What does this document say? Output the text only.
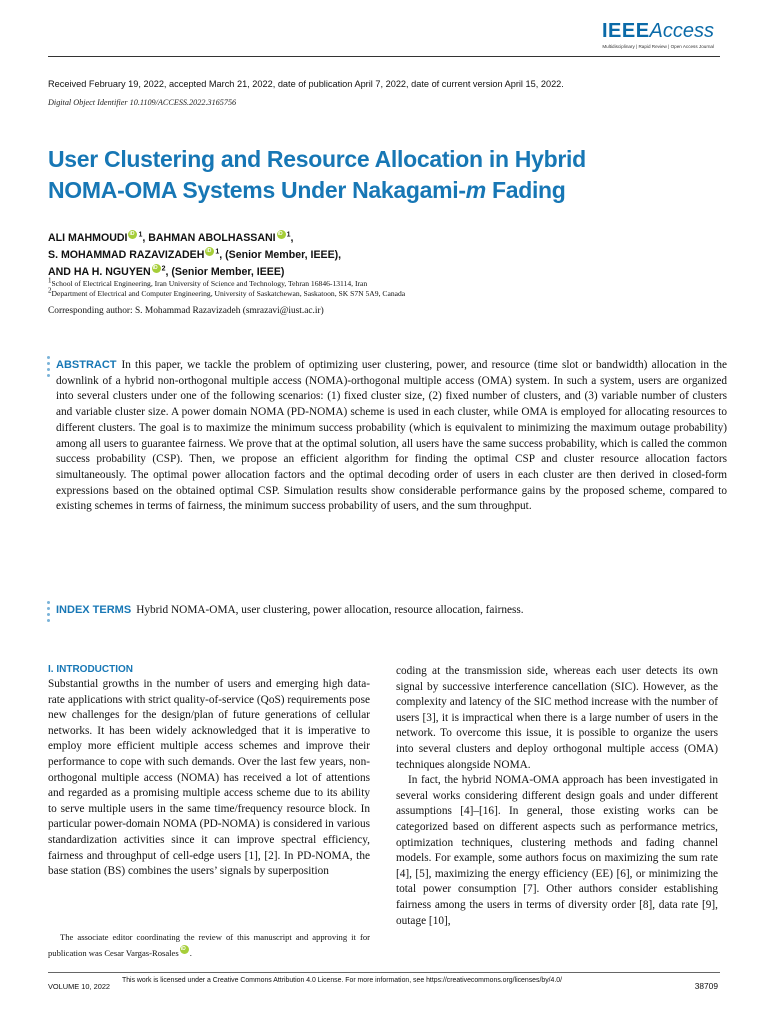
IEEEAccess
Multidisciplinary | Rapid Review | Open Access Journal
Received February 19, 2022, accepted March 21, 2022, date of publication April 7, 2022, date of current version April 15, 2022.
Digital Object Identifier 10.1109/ACCESS.2022.3165756
User Clustering and Resource Allocation in Hybrid
NOMA-OMA Systems Under Nakagami-m Fading
ALI MAHMOUDI iD $^1$, BAHMAN ABOLHASSANI iD $^1$,
S. MOHAMMAD RAZAVIZADEH iD $^1$, (Senior Member, IEEE),
AND HA H. NGUYEN iD $^2$, (Senior Member, IEEE)
$^1$School of Electrical Engineering, Iran University of Science and Technology, Tehran 16846-13114, Iran
$^2$Department of Electrical and Computer Engineering, University of Saskatchewan, Saskatoon, SK S7N 5A9, Canada
Corresponding author: S. Mohammad Razavizadeh (smrazavi@iust.ac.ir)
ABSTRACT In this paper, we tackle the problem of optimizing user clustering, power, and resource (time slot or bandwidth) allocation in the downlink of a hybrid non-orthogonal multiple access (NOMA)-orthogonal multiple access (OMA) system. In such a system, users are organized into several clusters under one of the following scenarios: (1) fixed cluster size, (2) fixed number of clusters, and (3) variable number of clusters and variable cluster size. A power domain NOMA (PD-NOMA) scheme is used in each cluster, while OMA is employed for allocating resources to different clusters. The goal is to maximize the minimum success probability (which is equivalent to minimizing the maximum outage probability) among all users to guarantee fairness. We prove that at the optimal solution, all users have the same success probability, which is called the common success probability (CSP). Then, we propose an efficient algorithm for finding the optimal CSP and cluster resource allocation factors simultaneously. The optimal power allocation factors and the optimal decoding order of users in each cluster are then derived in closed-form expressions based on the obtained optimal CSP. Simulation results show considerable performance gains by the proposed scheme, compared to existing schemes in terms of fairness, the minimum success probability of users, and the sum throughput.
INDEX TERMS Hybrid NOMA-OMA, user clustering, power allocation, resource allocation, fairness.
I. INTRODUCTION

Substantial growths in the number of users and emerging high data-rate applications with strict quality-of-service (QoS) requirements pose new challenges for the design/plan of future generations of cellular networks. It has been widely acknowledged that it is imperative to employ more efficient multiple access schemes and improve their performance to cope with such demands. Over the last few years, non-orthogonal multiple access (NOMA) has received a lot of attentions and regarded as a promising multiple access scheme due to its ability to serve multiple users in the same time/frequency resource block. In particular power-domain NOMA (PD-NOMA) is considered in various standardization activities since it can improve spectral efficiency, fairness and throughput of cell-edge users [1], [2]. In PD-NOMA, the base station (BS) combines the users’ signals by superposition

coding at the transmission side, whereas each user detects its own signal by successive interference cancellation (SIC). However, as the complexity and latency of the SIC method increase with the number of users [3], it is impractical when there is a large number of users in the network. To overcome this issue, it is possible to organize the users into several clusters and deploy orthogonal multiple access (OMA) techniques alongside NOMA.

In fact, the hybrid NOMA-OMA approach has been investigated in several works considering different design goals and under different assumptions [4]–[16]. In general, those existing works can be categorized based on different aspects such as performance metrics, optimization techniques, clustering methods and fading channel models. For example, some authors focus on maximizing the sum rate [4], [5], maximizing the energy efficiency (EE) [6], or minimizing the total power consumption [7]. Other authors consider establishing fairness among the users in terms of diversity order [8], data rate [9], outage [10],

The associate editor coordinating the review of this manuscript and approving it for publication was Cesar Vargas-Rosales iD .
VOLUME 10, 2022
This work is licensed under a Creative Commons Attribution 4.0 License. For more information, see https://creativecommons.org/licenses/by/4.0/
38709
